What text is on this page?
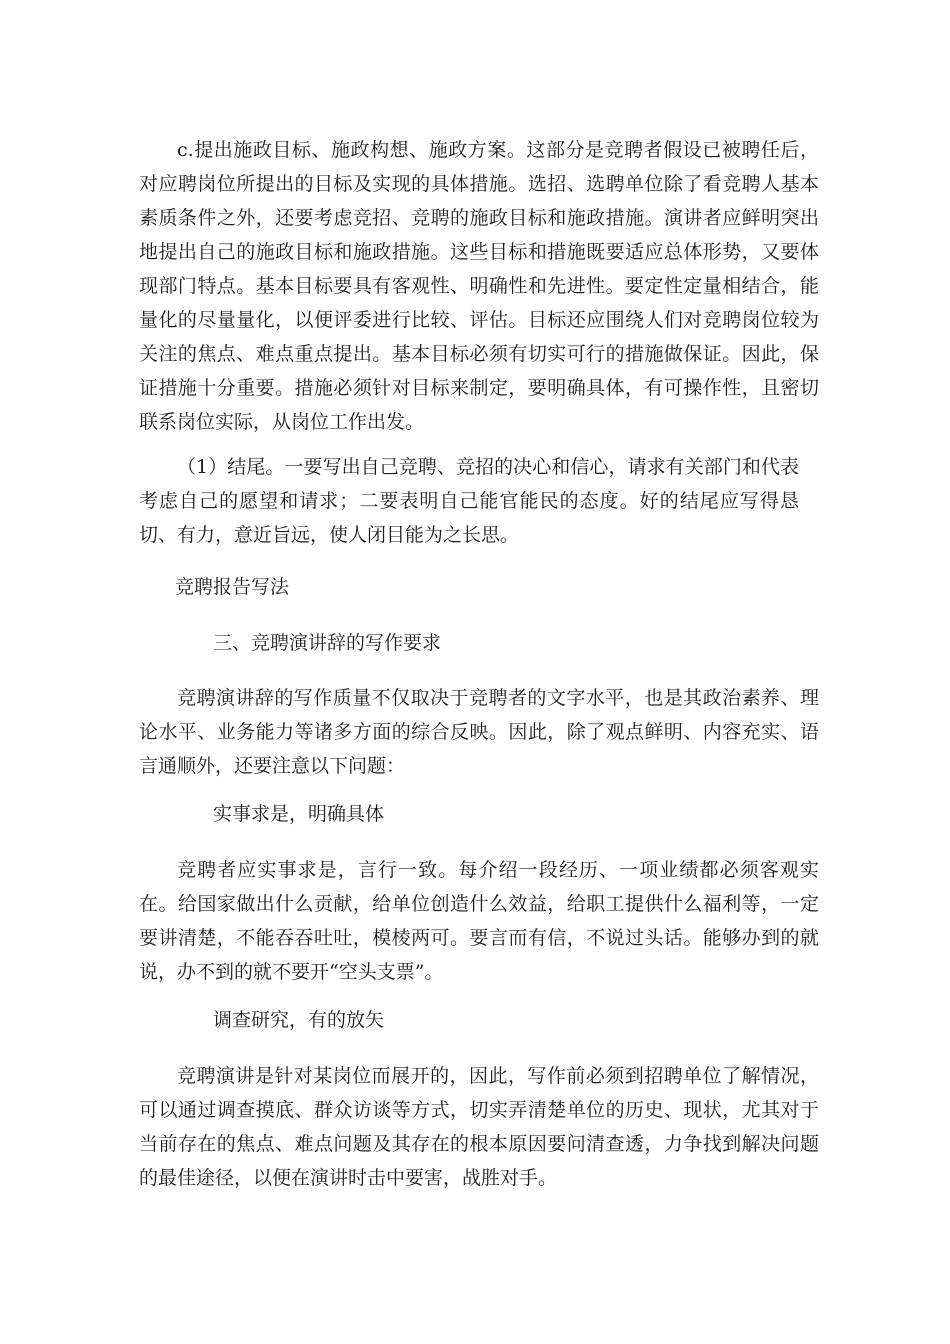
c.提出施政目标、施政构想、施政方案。这部分是竞聘者假设已被聘任后，对应聘岗位所提出的目标及实现的具体措施。选招、选聘单位除了看竞聘人基本素质条件之外，还要考虑竞招、竞聘的施政目标和施政措施。演讲者应鲜明突出地提出自己的施政目标和施政措施。这些目标和措施既要适应总体形势，又要体现部门特点。基本目标要具有客观性、明确性和先进性。要定性定量相结合，能量化的尽量量化，以便评委进行比较、评估。目标还应围绕人们对竞聘岗位较为关注的焦点、难点重点提出。基本目标必须有切实可行的措施做保证。因此，保证措施十分重要。措施必须针对目标来制定，要明确具体，有可操作性，且密切联系岗位实际，从岗位工作出发。

（1）结尾。一要写出自己竞聘、竞招的决心和信心，请求有关部门和代表考虑自己的愿望和请求；二要表明自己能官能民的态度。好的结尾应写得恳切、有力，意近旨远，使人闭目能为之长思。

竞聘报告写法

三、竞聘演讲辞的写作要求

竞聘演讲辞的写作质量不仅取决于竞聘者的文字水平，也是其政治素养、理论水平、业务能力等诸多方面的综合反映。因此，除了观点鲜明、内容充实、语言通顺外，还要注意以下问题：

实事求是，明确具体

竞聘者应实事求是，言行一致。每介绍一段经历、一项业绩都必须客观实在。给国家做出什么贡献，给单位创造什么效益，给职工提供什么福利等，一定要讲清楚，不能吞吞吐吐，模棱两可。要言而有信，不说过头话。能够办到的就说，办不到的就不要开“空头支票”。

调查研究，有的放矢

竞聘演讲是针对某岗位而展开的，因此，写作前必须到招聘单位了解情况，可以通过调查摸底、群众访谈等方式，切实弄清楚单位的历史、现状，尤其对于当前存在的焦点、难点问题及其存在的根本原因要问清查透，力争找到解决问题的最佳途径，以便在演讲时击中要害，战胜对手。
